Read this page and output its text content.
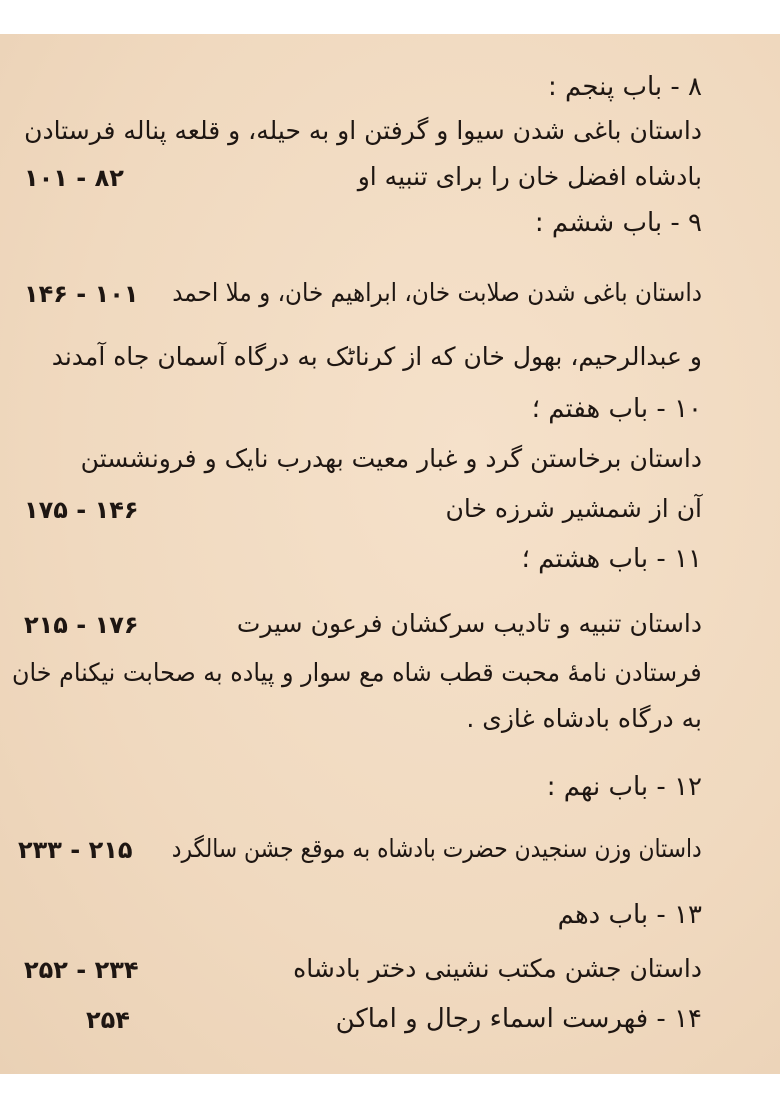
۸ - باب پنجم :
داستان باغی شدن سیوا و گرفتن او به حیله، و قلعه پناله فرستادن
بادشاه افضل خان را برای تنبیه او
۱۰۱ - ۸۲
۹ - باب ششم :
داستان باغی شدن صلابت خان، ابراهیم خان، و ملا احمد
۱۴۶ - ۱۰۱
و عبدالرحیم، بهول خان که از کرناٹک به درگاه آسمان جاه آمدند
۱۰ - باب هفتم ؛
داستان برخاستن گرد و غبار معیت بهدرب نایک و فرونشستن
آن از شمشیر شرزه خان
۱۷۵ - ۱۴۶
۱۱ - باب هشتم ؛
داستان تنبیه و تادیب سرکشان فرعون سیرت
۲۱۵ - ۱۷۶
فرستادن نامهٔ محبت قطب شاه مع سوار و پیاده به صحابت نیکنام خان
به درگاه بادشاه غازی .
۱۲ - باب نهم :
داستان وزن سنجیدن حضرت بادشاه به موقع جشن سالگرد
۲۳۳ - ۲۱۵
۱۳ - باب دهم
داستان جشن مکتب نشینی دختر بادشاه
۲۵۲ - ۲۳۴
۱۴ - فهرست اسماء رجال و اماکن
۲۵۴
